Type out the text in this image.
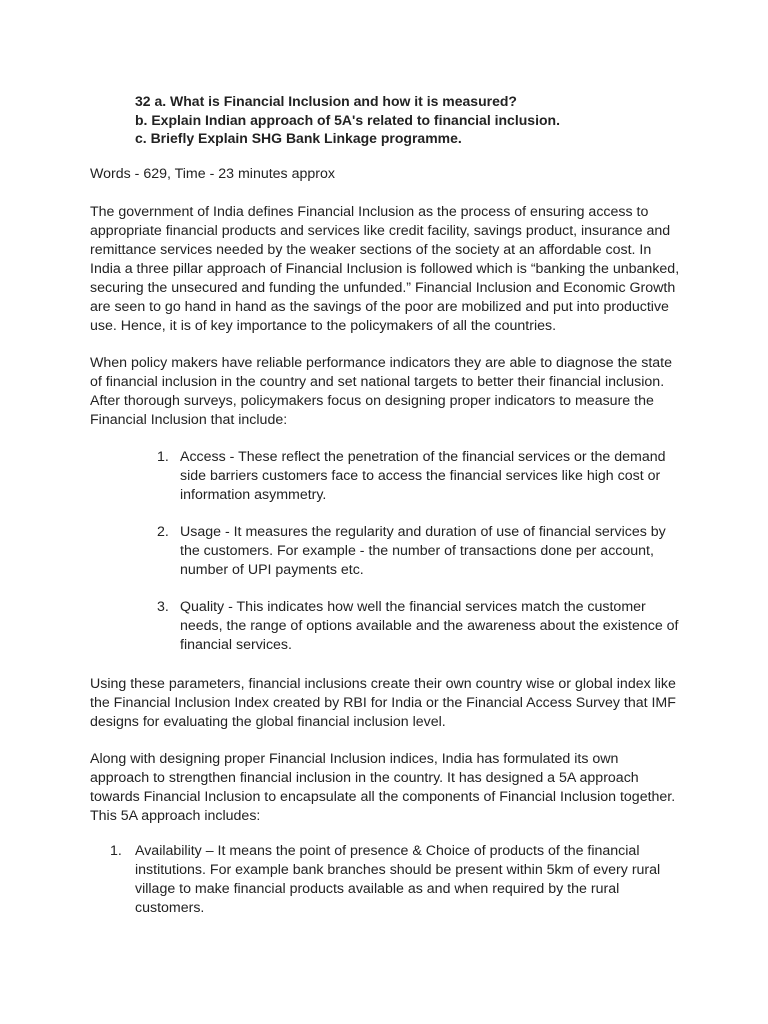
32 a. What is Financial Inclusion and how it is measured?
b. Explain Indian approach of 5A's related to financial inclusion.
c. Briefly Explain SHG Bank Linkage programme.

Words - 629, Time - 23 minutes approx

The government of India defines Financial Inclusion as the process of ensuring access to appropriate financial products and services like credit facility, savings product, insurance and remittance services needed by the weaker sections of the society at an affordable cost. In India a three pillar approach of Financial Inclusion is followed which is “banking the unbanked, securing the unsecured and funding the unfunded.” Financial Inclusion and Economic Growth are seen to go hand in hand as the savings of the poor are mobilized and put into productive use. Hence, it is of key importance to the policymakers of all the countries.

When policy makers have reliable performance indicators they are able to diagnose the state of financial inclusion in the country and set national targets to better their financial inclusion. After thorough surveys, policymakers focus on designing proper indicators to measure the Financial Inclusion that include:

1. Access - These reflect the penetration of the financial services or the demand side barriers customers face to access the financial services like high cost or information asymmetry.
2. Usage - It measures the regularity and duration of use of financial services by the customers. For example - the number of transactions done per account, number of UPI payments etc.
3. Quality - This indicates how well the financial services match the customer needs, the range of options available and the awareness about the existence of financial services.

Using these parameters, financial inclusions create their own country wise or global index like the Financial Inclusion Index created by RBI for India or the Financial Access Survey that IMF designs for evaluating the global financial inclusion level.

Along with designing proper Financial Inclusion indices, India has formulated its own approach to strengthen financial inclusion in the country. It has designed a 5A approach towards Financial Inclusion to encapsulate all the components of Financial Inclusion together. This 5A approach includes:

1. Availability – It means the point of presence & Choice of products of the financial institutions. For example bank branches should be present within 5km of every rural village to make financial products available as and when required by the rural customers.
